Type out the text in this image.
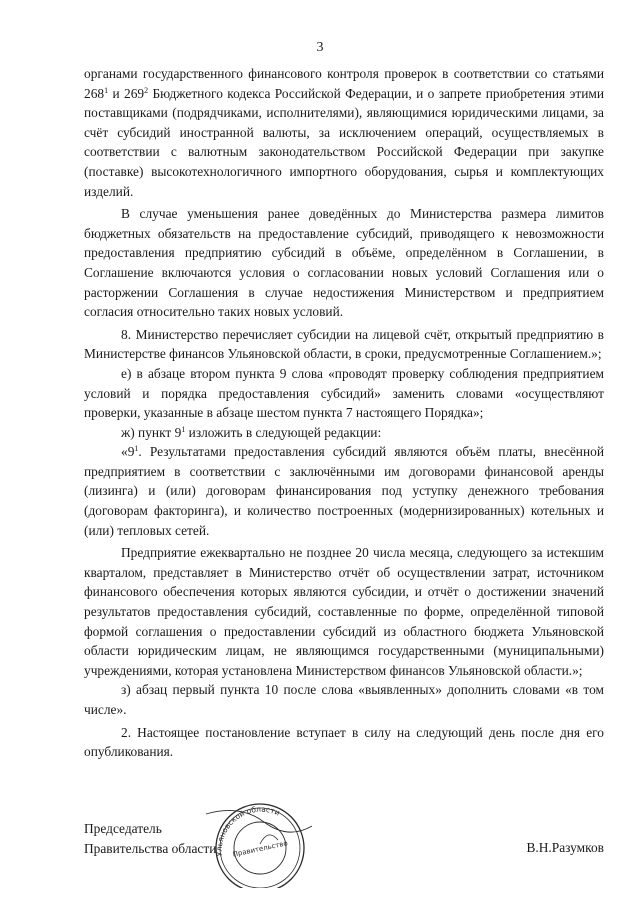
3

органами государственного финансового контроля проверок в соответствии со статьями $268^1$ и $269^2$ Бюджетного кодекса Российской Федерации, и о запрете приобретения этими поставщиками (подрядчиками, исполнителями), являющимися юридическими лицами, за счёт субсидий иностранной валюты, за исключением операций, осуществляемых в соответствии с валютным законодательством Российской Федерации при закупке (поставке) высокотехнологичного импортного оборудования, сырья и комплектующих изделий.

В случае уменьшения ранее доведённых до Министерства размера лимитов бюджетных обязательств на предоставление субсидий, приводящего к невозможности предоставления предприятию субсидий в объёме, определённом в Соглашении, в Соглашение включаются условия о согласовании новых условий Соглашения или о расторжении Соглашения в случае недостижения Министерством и предприятием согласия относительно таких новых условий.

8. Министерство перечисляет субсидии на лицевой счёт, открытый предприятию в Министерстве финансов Ульяновской области, в сроки, предусмотренные Соглашением.»;

е) в абзаце втором пункта 9 слова «проводят проверку соблюдения предприятием условий и порядка предоставления субсидий» заменить словами «осуществляют проверки, указанные в абзаце шестом пункта 7 настоящего Порядка»;

ж) пункт $9^1$ изложить в следующей редакции:

«$9^1$. Результатами предоставления субсидий являются объём платы, внесённой предприятием в соответствии с заключёнными им договорами финансовой аренды (лизинга) и (или) договорам финансирования под уступку денежного требования (договорам факторинга), и количество построенных (модернизированных) котельных и (или) тепловых сетей.

Предприятие ежеквартально не позднее 20 числа месяца, следующего за истекшим кварталом, представляет в Министерство отчёт об осуществлении затрат, источником финансового обеспечения которых являются субсидии, и отчёт о достижении значений результатов предоставления субсидий, составленные по форме, определённой типовой формой соглашения о предоставлении субсидий из областного бюджета Ульяновской области юридическим лицам, не являющимся государственными (муниципальными) учреждениями, которая установлена Министерством финансов Ульяновской области.»;

з) абзац первый пункта 10 после слова «выявленных» дополнить словами «в том числе».

2. Настоящее постановление вступает в силу на следующий день после дня его опубликования.

Председатель
Правительства области	В.Н.Разумков
Ульяновской области
Правительство
